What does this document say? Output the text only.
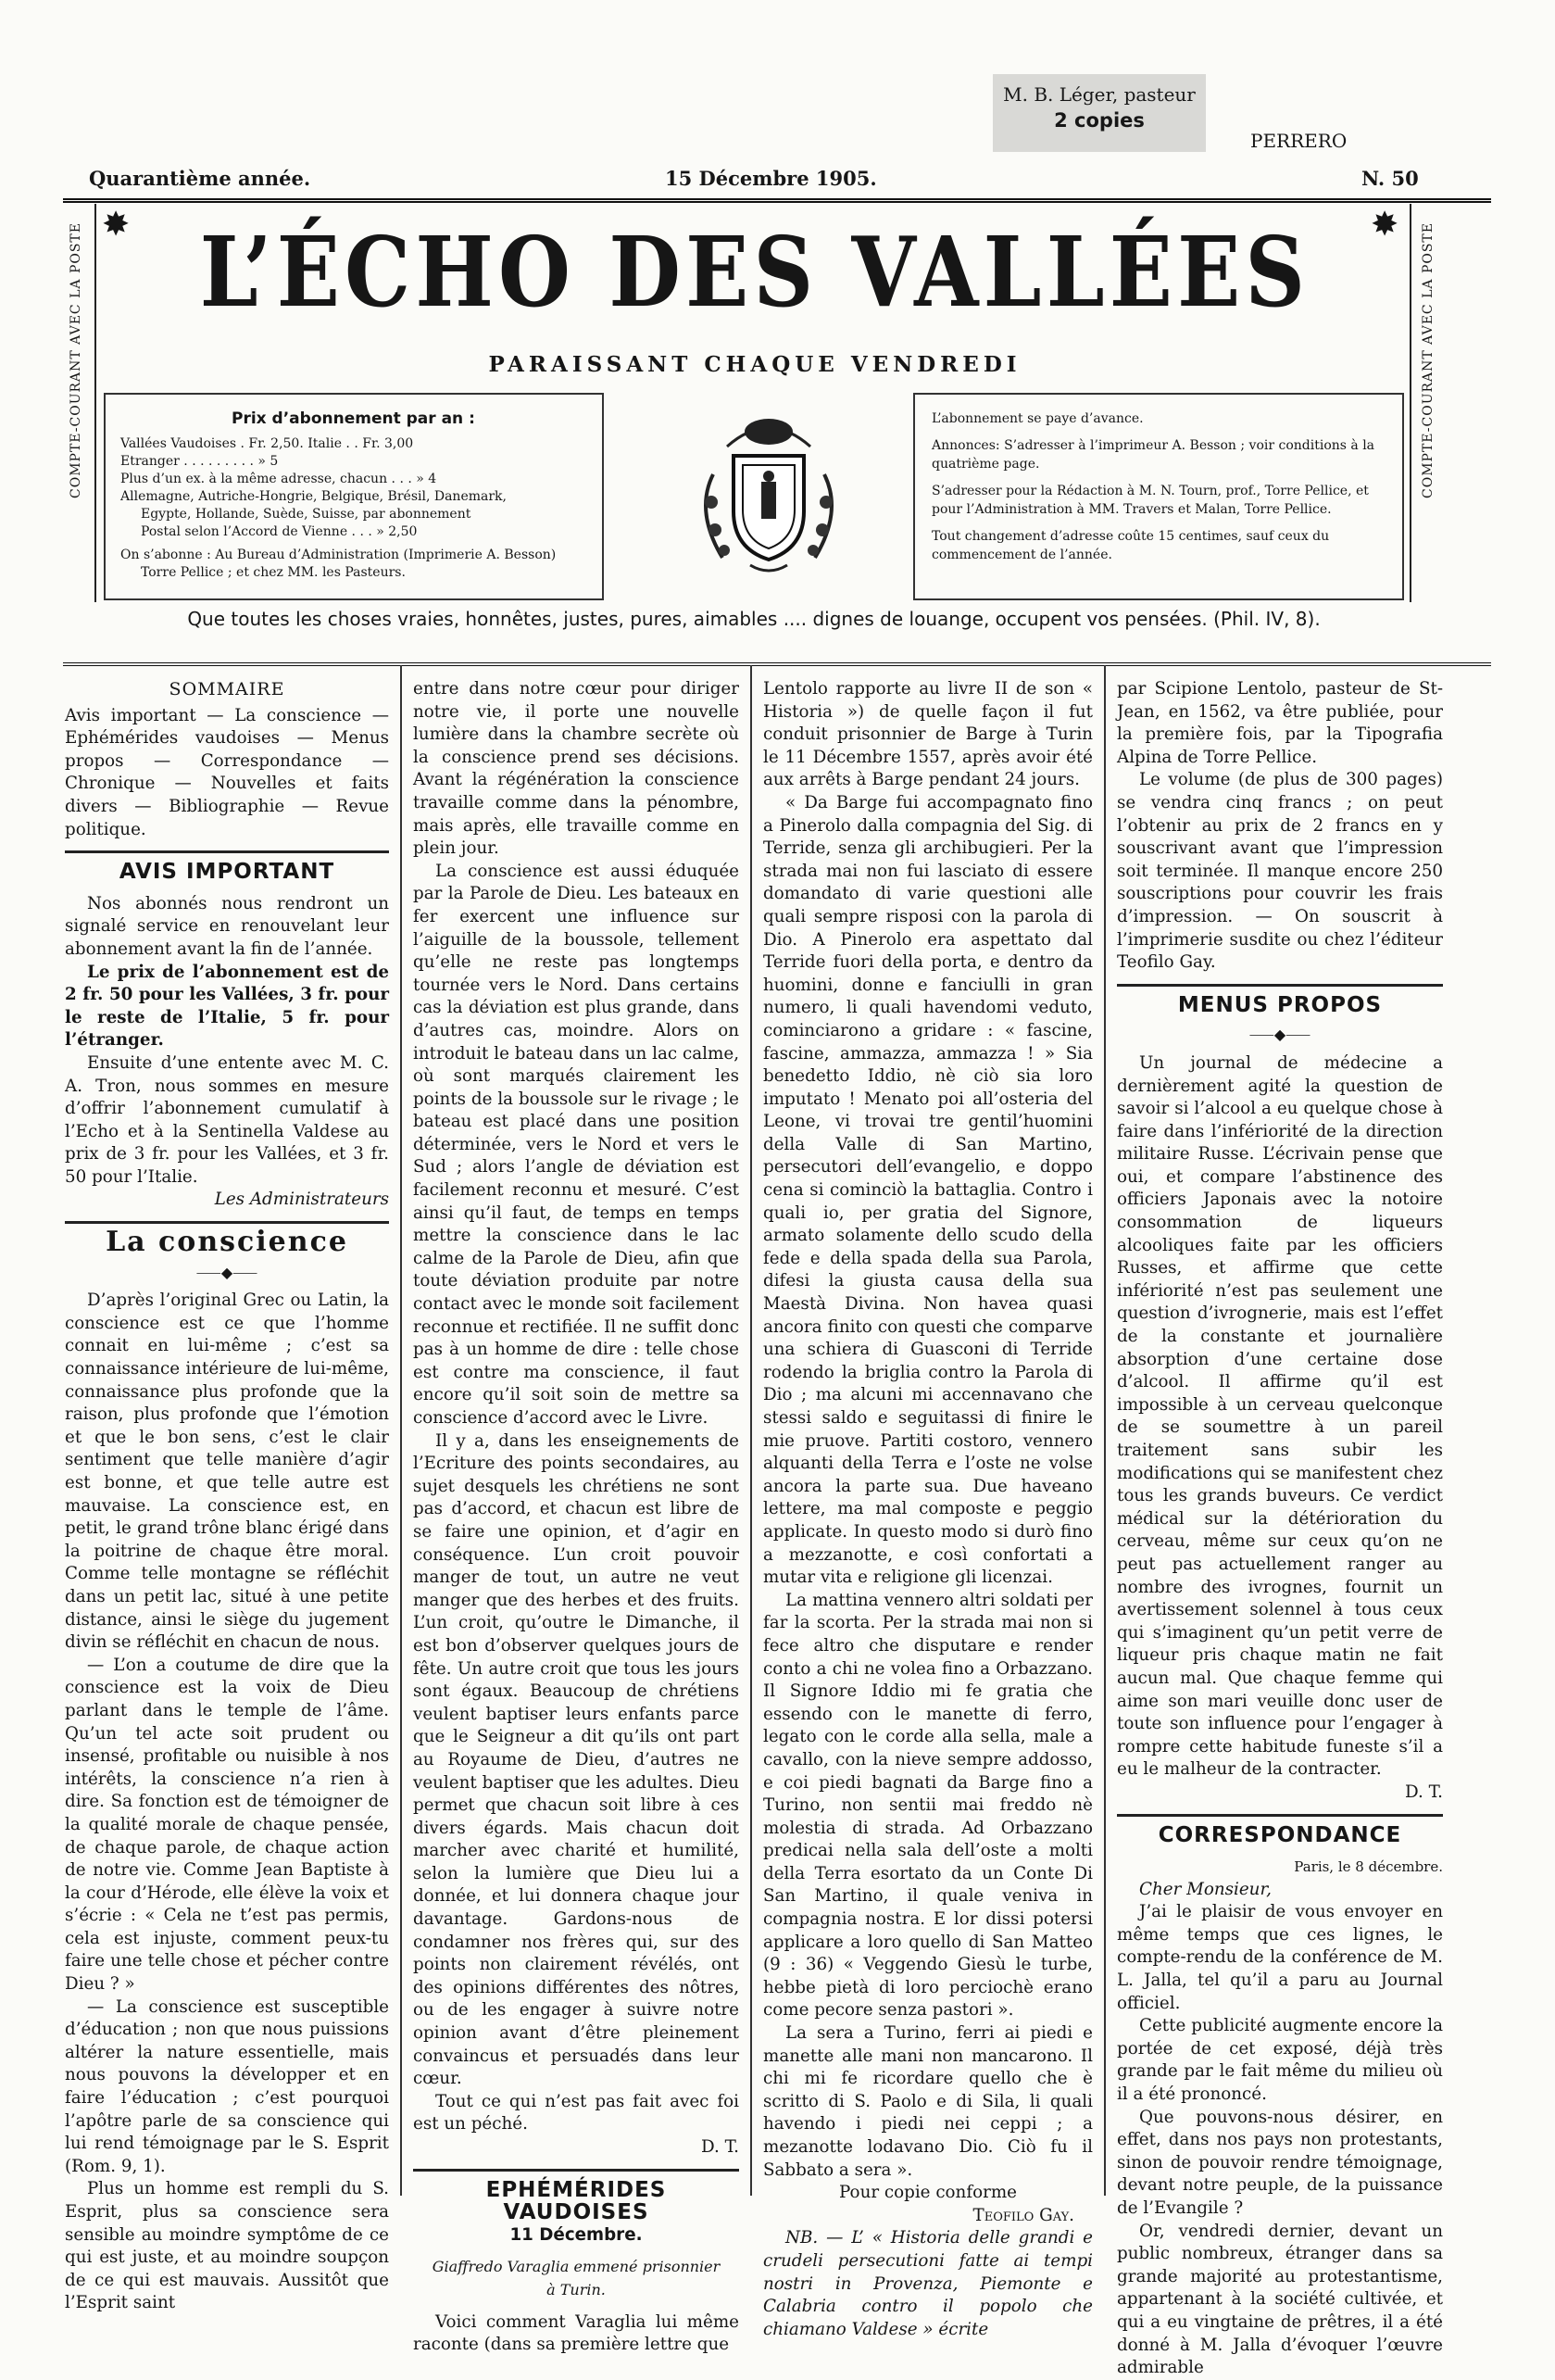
M. B. Léger, pasteur
2 copies
PERRERO
Quarantième année.	15 Décembre 1905.	N. 50
COMPTE-COURANT AVEC LA POSTE	COMPTE-COURANT AVEC LA POSTE
✸	✸
L’ÉCHO DES VALLÉES
PARAISSANT CHAQUE VENDREDI
Prix d’abonnement par an :

Vallées Vaudoises . Fr. 2,50. Italie . . Fr. 3,00

Etranger . . . . . . . . . » 5

Plus d’un ex. à la même adresse, chacun . . . » 4

Allemagne, Autriche-Hongrie, Belgique, Brésil, Danemark,

Egypte, Hollande, Suède, Suisse, par abonnement

Postal selon l’Accord de Vienne . . . » 2,50

On s’abonne : Au Bureau d’Administration (Imprimerie A. Besson)

Torre Pellice ; et chez MM. les Pasteurs.

L’abonnement se paye d’avance.

Annonces: S’adresser à l’imprimeur A. Besson ; voir conditions à la quatrième page.

S’adresser pour la Rédaction à M. N. Tourn, prof., Torre Pellice, et pour l’Administration à MM. Travers et Malan, Torre Pellice.

Tout changement d’adresse coûte 15 centimes, sauf ceux du commencement de l’année.

Que toutes les choses vraies, honnêtes, justes, pures, aimables .... dignes de louange, occupent vos pensées. (Phil. IV, 8).
SOMMAIRE

Avis important — La conscience — Ephémérides vaudoises — Menus propos — Correspondance — Chronique — Nouvelles et faits divers — Bibliographie — Revue politique.

AVIS IMPORTANT

Nos abonnés nous rendront un signalé service en renouvelant leur abonnement avant la fin de l’année.

Le prix de l’abonnement est de 2 fr. 50 pour les Vallées, 3 fr. pour le reste de l’Italie, 5 fr. pour l’étranger.

Ensuite d’une entente avec M. C. A. Tron, nous sommes en mesure d’offrir l’abonnement cumulatif à l’Echo et à la Sentinella Valdese au prix de 3 fr. pour les Vallées, et 3 fr. 50 pour l’Italie.

Les Administrateurs
La conscience
⸺◆⸺

D’après l’original Grec ou Latin, la conscience est ce que l’homme connait en lui-même ; c’est sa connaissance intérieure de lui-même, connaissance plus profonde que la raison, plus profonde que l’émotion et que le bon sens, c’est le clair sentiment que telle manière d’agir est bonne, et que telle autre est mauvaise. La conscience est, en petit, le grand trône blanc érigé dans la poitrine de chaque être moral. Comme telle montagne se réfléchit dans un petit lac, situé à une petite distance, ainsi le siège du jugement divin se réfléchit en chacun de nous.

— L’on a coutume de dire que la conscience est la voix de Dieu parlant dans le temple de l’âme. Qu’un tel acte soit prudent ou insensé, profitable ou nuisible à nos intérêts, la conscience n’a rien à dire. Sa fonction est de témoigner de la qualité morale de chaque pensée, de chaque parole, de chaque action de notre vie. Comme Jean Baptiste à la cour d’Hérode, elle élève la voix et s’écrie : « Cela ne t’est pas permis, cela est injuste, comment peux-tu faire une telle chose et pécher contre Dieu ? »

— La conscience est susceptible d’éducation ; non que nous puissions altérer la nature essentielle, mais nous pouvons la développer et en faire l’éducation ; c’est pourquoi l’apôtre parle de sa conscience qui lui rend témoignage par le S. Esprit (Rom. 9, 1).

Plus un homme est rempli du S. Esprit, plus sa conscience sera sensible au moindre symptôme de ce qui est juste, et au moindre soupçon de ce qui est mauvais. Aussitôt que l’Esprit saint

entre dans notre cœur pour diriger notre vie, il porte une nouvelle lumière dans la chambre secrète où la conscience prend ses décisions. Avant la régénération la conscience travaille comme dans la pénombre, mais après, elle travaille comme en plein jour.

La conscience est aussi éduquée par la Parole de Dieu. Les bateaux en fer exercent une influence sur l’aiguille de la boussole, tellement qu’elle ne reste pas longtemps tournée vers le Nord. Dans certains cas la déviation est plus grande, dans d’autres cas, moindre. Alors on introduit le bateau dans un lac calme, où sont marqués clairement les points de la boussole sur le rivage ; le bateau est placé dans une position déterminée, vers le Nord et vers le Sud ; alors l’angle de déviation est facilement reconnu et mesuré. C’est ainsi qu’il faut, de temps en temps mettre la conscience dans le lac calme de la Parole de Dieu, afin que toute déviation produite par notre contact avec le monde soit facilement reconnue et rectifiée. Il ne suffit donc pas à un homme de dire : telle chose est contre ma conscience, il faut encore qu’il soit soin de mettre sa conscience d’accord avec le Livre.

Il y a, dans les enseignements de l’Ecriture des points secondaires, au sujet desquels les chrétiens ne sont pas d’accord, et chacun est libre de se faire une opinion, et d’agir en conséquence. L’un croit pouvoir manger de tout, un autre ne veut manger que des herbes et des fruits. L’un croit, qu’outre le Dimanche, il est bon d’observer quelques jours de fête. Un autre croit que tous les jours sont égaux. Beaucoup de chrétiens veulent baptiser leurs enfants parce que le Seigneur a dit qu’ils ont part au Royaume de Dieu, d’autres ne veulent baptiser que les adultes. Dieu permet que chacun soit libre à ces divers égards. Mais chacun doit marcher avec charité et humilité, selon la lumière que Dieu lui a donnée, et lui donnera chaque jour davantage. Gardons-nous de condamner nos frères qui, sur des points non clairement révélés, ont des opinions différentes des nôtres, ou de les engager à suivre notre opinion avant d’être pleinement convaincus et persuadés dans leur cœur.

Tout ce qui n’est pas fait avec foi est un péché.

D. T.
EPHÉMÉRIDES VAUDOISES
11 Décembre.

Giaffredo Varaglia emmené prisonnier à Turin.

Voici comment Varaglia lui même raconte (dans sa première lettre que

Lentolo rapporte au livre II de son « Historia ») de quelle façon il fut conduit prisonnier de Barge à Turin le 11 Décembre 1557, après avoir été aux arrêts à Barge pendant 24 jours.

« Da Barge fui accompagnato fino a Pinerolo dalla compagnia del Sig. di Terride, senza gli archibugieri. Per la strada mai non fui lasciato di essere domandato di varie questioni alle quali sempre risposi con la parola di Dio. A Pinerolo era aspettato dal Terride fuori della porta, e dentro da huomini, donne e fanciulli in gran numero, li quali havendomi veduto, cominciarono a gridare : « fascine, fascine, ammazza, ammazza ! » Sia benedetto Iddio, nè ciò sia loro imputato ! Menato poi all’osteria del Leone, vi trovai tre gentil’huomini della Valle di San Martino, persecutori dell’evangelio, e doppo cena si cominciò la battaglia. Contro i quali io, per gratia del Signore, armato solamente dello scudo della fede e della spada della sua Parola, difesi la giusta causa della sua Maestà Divina. Non havea quasi ancora finito con questi che comparve una schiera di Guasconi di Terride rodendo la briglia contro la Parola di Dio ; ma alcuni mi accennavano che stessi saldo e seguitassi di finire le mie pruove. Partiti costoro, vennero alquanti della Terra e l’oste ne volse ancora la parte sua. Due haveano lettere, ma mal composte e peggio applicate. In questo modo si durò fino a mezzanotte, e così confortati a mutar vita e religione gli licenzai.

La mattina vennero altri soldati per far la scorta. Per la strada mai non si fece altro che disputare e render conto a chi ne volea fino a Orbazzano. Il Signore Iddio mi fe gratia che essendo con le manette di ferro, legato con le corde alla sella, male a cavallo, con la nieve sempre addosso, e coi piedi bagnati da Barge fino a Turino, non sentii mai freddo nè molestia di strada. Ad Orbazzano predicai nella sala dell’oste a molti della Terra esortato da un Conte Di San Martino, il quale veniva in compagnia nostra. E lor dissi potersi applicare a loro quello di San Matteo (9 : 36) « Veggendo Giesù le turbe, hebbe pietà di loro perciochè erano come pecore senza pastori ».

La sera a Turino, ferri ai piedi e manette alle mani non mancarono. Il chi mi fe ricordare quello che è scritto di S. Paolo e di Sila, li quali havendo i piedi nei ceppi ; a mezanotte lodavano Dio. Ciò fu il Sabbato a sera ».

Pour copie conforme
Teofilo Gay.

NB. — L’ « Historia delle grandi e crudeli persecutioni fatte ai tempi nostri in Provenza, Piemonte e Calabria contro il popolo che chiamano Valdese » écrite

par Scipione Lentolo, pasteur de St-Jean, en 1562, va être publiée, pour la première fois, par la Tipografia Alpina de Torre Pellice.

Le volume (de plus de 300 pages) se vendra cinq francs ; on peut l’obtenir au prix de 2 francs en y souscrivant avant que l’impression soit terminée. Il manque encore 250 souscriptions pour couvrir les frais d’impression. — On souscrit à l’imprimerie susdite ou chez l’éditeur Teofilo Gay.

MENUS PROPOS
⸺◆⸺

Un journal de médecine a dernièrement agité la question de savoir si l’alcool a eu quelque chose à faire dans l’infériorité de la direction militaire Russe. L’écrivain pense que oui, et compare l’abstinence des officiers Japonais avec la notoire consommation de liqueurs alcooliques faite par les officiers Russes, et affirme que cette infériorité n’est pas seulement une question d’ivrognerie, mais est l’effet de la constante et journalière absorption d’une certaine dose d’alcool. Il affirme qu’il est impossible à un cerveau quelconque de se soumettre à un pareil traitement sans subir les modifications qui se manifestent chez tous les grands buveurs. Ce verdict médical sur la détérioration du cerveau, même sur ceux qu’on ne peut pas actuellement ranger au nombre des ivrognes, fournit un avertissement solennel à tous ceux qui s’imaginent qu’un petit verre de liqueur pris chaque matin ne fait aucun mal. Que chaque femme qui aime son mari veuille donc user de toute son influence pour l’engager à rompre cette habitude funeste s’il a eu le malheur de la contracter.

D. T.
CORRESPONDANCE
Paris, le 8 décembre.

Cher Monsieur,

J’ai le plaisir de vous envoyer en même temps que ces lignes, le compte-rendu de la conférence de M. L. Jalla, tel qu’il a paru au Journal officiel.

Cette publicité augmente encore la portée de cet exposé, déjà très grande par le fait même du milieu où il a été prononcé.

Que pouvons-nous désirer, en effet, dans nos pays non protestants, sinon de pouvoir rendre témoignage, devant notre peuple, de la puissance de l’Evangile ?

Or, vendredi dernier, devant un public nombreux, étranger dans sa grande majorité au protestantisme, appartenant à la société cultivée, et qui a eu vingtaine de prêtres, il a été donné à M. Jalla d’évoquer l’œuvre admirable
